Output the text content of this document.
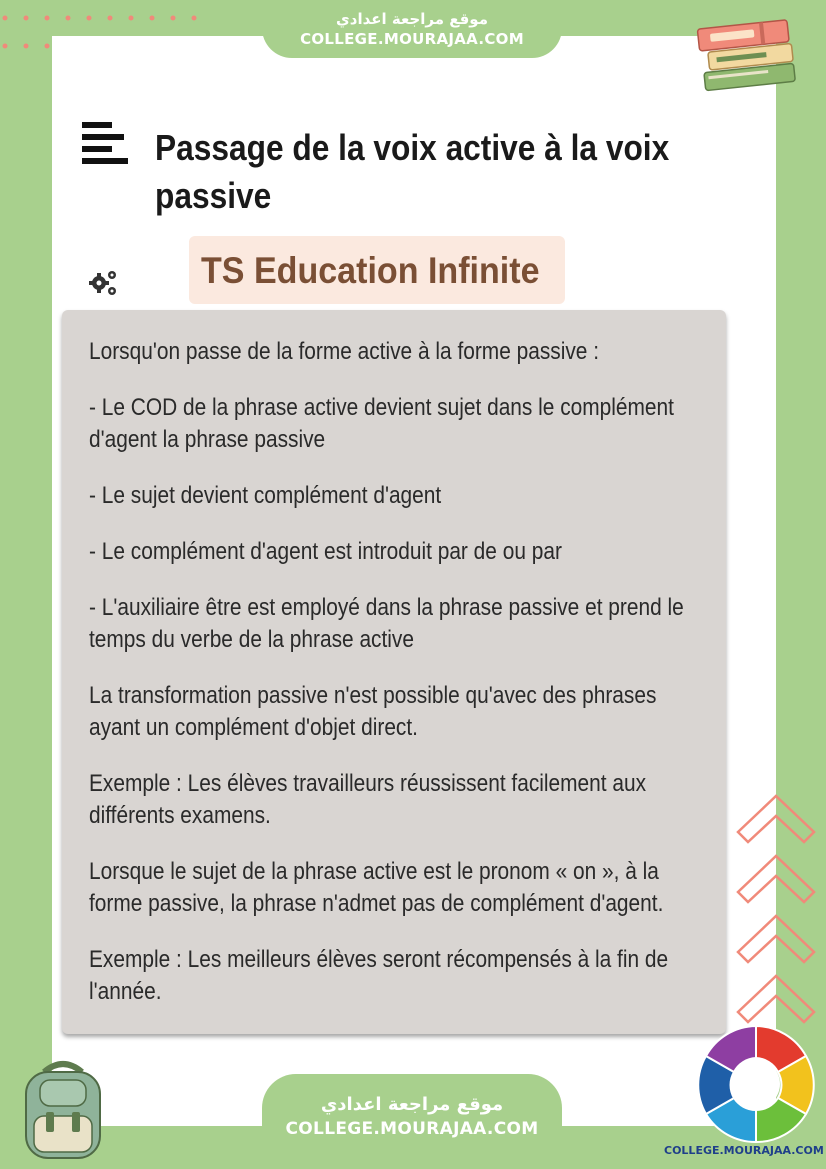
موقع مراجعة اعدادي
COLLEGE.MOURAJAA.COM
Passage de la voix active à la voix passive
TS Education Infinite

Lorsqu'on passe de la forme active à la forme passive :

- Le COD de la phrase active devient sujet dans le complément d'agent la phrase passive

- Le sujet devient complément d'agent

- Le complément d'agent est introduit par de ou par

- L'auxiliaire être est employé dans la phrase passive et prend le temps du verbe de la phrase active

La transformation passive n'est possible qu'avec des phrases ayant un complément d'objet direct.

Exemple : Les élèves travailleurs réussissent facilement aux différents examens.

Lorsque le sujet de la phrase active est le pronom « on », à la forme passive, la phrase n'admet pas de complément d'agent.

Exemple : Les meilleurs élèves seront récompensés à la fin de l'année.

COLLEGE.MOURAJAA.COM
موقع مراجعة اعدادي
COLLEGE.MOURAJAA.COM
